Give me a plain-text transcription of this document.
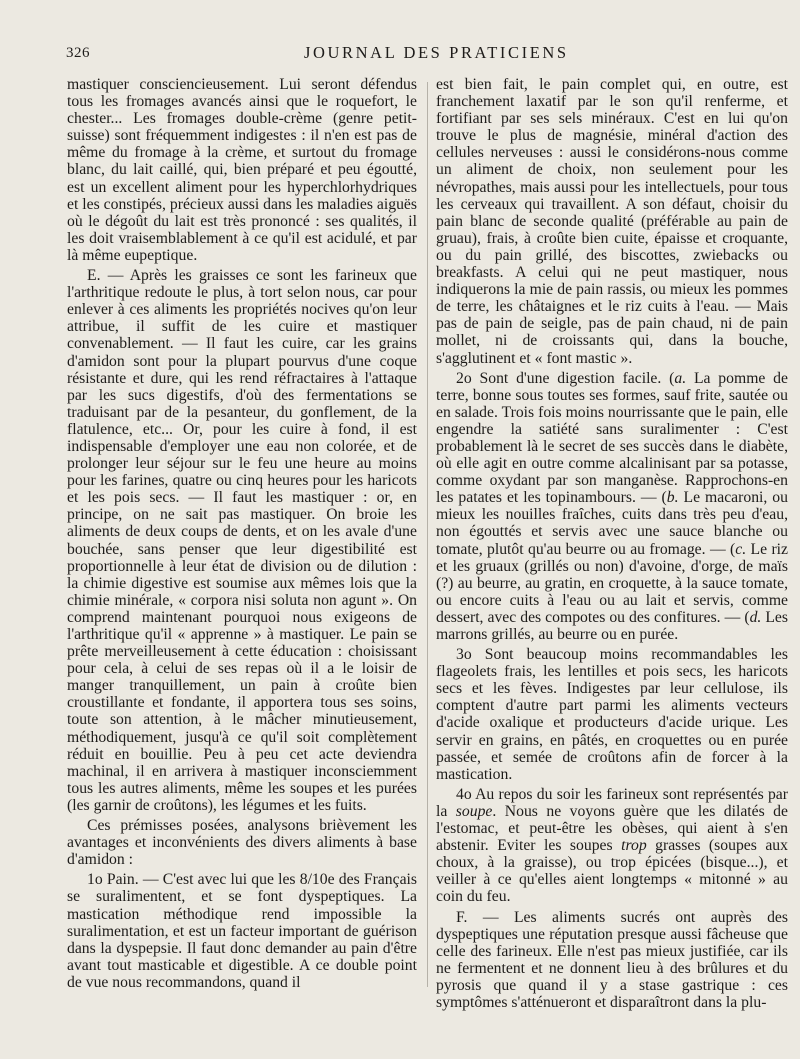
326	JOURNAL DES PRATICIENS

mastiquer consciencieusement. Lui seront défendus tous les fromages avancés ainsi que le roquefort, le chester... Les fromages double-crème (genre petit-suisse) sont fréquemment indigestes : il n'en est pas de même du fromage à la crème, et surtout du fromage blanc, du lait caillé, qui, bien préparé et peu égoutté, est un excellent aliment pour les hyperchlorhydriques et les constipés, précieux aussi dans les maladies aiguës où le dégoût du lait est très prononcé : ses qualités, il les doit vraisemblablement à ce qu'il est acidulé, et par là même eupeptique.

E. — Après les graisses ce sont les farineux que l'arthritique redoute le plus, à tort selon nous, car pour enlever à ces aliments les propriétés nocives qu'on leur attribue, il suffit de les cuire et mastiquer convenablement. — Il faut les cuire, car les grains d'amidon sont pour la plupart pourvus d'une coque résistante et dure, qui les rend réfractaires à l'attaque par les sucs digestifs, d'où des fermentations se traduisant par de la pesanteur, du gonflement, de la flatulence, etc... Or, pour les cuire à fond, il est indispensable d'employer une eau non colorée, et de prolonger leur séjour sur le feu une heure au moins pour les farines, quatre ou cinq heures pour les haricots et les pois secs. — Il faut les mastiquer : or, en principe, on ne sait pas mastiquer. On broie les aliments de deux coups de dents, et on les avale d'une bouchée, sans penser que leur digestibilité est proportionnelle à leur état de division ou de dilution : la chimie digestive est soumise aux mêmes lois que la chimie minérale, « corpora nisi soluta non agunt ». On comprend maintenant pourquoi nous exigeons de l'arthritique qu'il « apprenne » à mastiquer. Le pain se prête merveilleusement à cette éducation : choisissant pour cela, à celui de ses repas où il a le loisir de manger tranquillement, un pain à croûte bien croustillante et fondante, il apportera tous ses soins, toute son attention, à le mâcher minutieusement, méthodiquement, jusqu'à ce qu'il soit complètement réduit en bouillie. Peu à peu cet acte deviendra machinal, il en arrivera à mastiquer inconsciemment tous les autres aliments, même les soupes et les purées (les garnir de croûtons), les légumes et les fuits.

Ces prémisses posées, analysons brièvement les avantages et inconvénients des divers aliments à base d'amidon :

1o Pain. — C'est avec lui que les 8/10e des Français se suralimentent, et se font dyspeptiques. La mastication méthodique rend impossible la suralimentation, et est un facteur important de guérison dans la dyspepsie. Il faut donc demander au pain d'être avant tout masticable et digestible. A ce double point de vue nous recommandons, quand il

est bien fait, le pain complet qui, en outre, est franchement laxatif par le son qu'il renferme, et fortifiant par ses sels minéraux. C'est en lui qu'on trouve le plus de magnésie, minéral d'action des cellules nerveuses : aussi le considérons-nous comme un aliment de choix, non seulement pour les névropathes, mais aussi pour les intellectuels, pour tous les cerveaux qui travaillent. A son défaut, choisir du pain blanc de seconde qualité (préférable au pain de gruau), frais, à croûte bien cuite, épaisse et croquante, ou du pain grillé, des biscottes, zwiebacks ou breakfasts. A celui qui ne peut mastiquer, nous indiquerons la mie de pain rassis, ou mieux les pommes de terre, les châtaignes et le riz cuits à l'eau. — Mais pas de pain de seigle, pas de pain chaud, ni de pain mollet, ni de croissants qui, dans la bouche, s'agglutinent et « font mastic ».

2o Sont d'une digestion facile. (a. La pomme de terre, bonne sous toutes ses formes, sauf frite, sautée ou en salade. Trois fois moins nourrissante que le pain, elle engendre la satiété sans suralimenter : C'est probablement là le secret de ses succès dans le diabète, où elle agit en outre comme alcalinisant par sa potasse, comme oxydant par son manganèse. Rapprochons-en les patates et les topinambours. — (b. Le macaroni, ou mieux les nouilles fraîches, cuits dans très peu d'eau, non égouttés et servis avec une sauce blanche ou tomate, plutôt qu'au beurre ou au fromage. — (c. Le riz et les gruaux (grillés ou non) d'avoine, d'orge, de maïs (?) au beurre, au gratin, en croquette, à la sauce tomate, ou encore cuits à l'eau ou au lait et servis, comme dessert, avec des compotes ou des confitures. — (d. Les marrons grillés, au beurre ou en purée.

3o Sont beaucoup moins recommandables les flageolets frais, les lentilles et pois secs, les haricots secs et les fèves. Indigestes par leur cellulose, ils comptent d'autre part parmi les aliments vecteurs d'acide oxalique et producteurs d'acide urique. Les servir en grains, en pâtés, en croquettes ou en purée passée, et semée de croûtons afin de forcer à la mastication.

4o Au repos du soir les farineux sont représentés par la soupe. Nous ne voyons guère que les dilatés de l'estomac, et peut-être les obèses, qui aient à s'en abstenir. Eviter les soupes trop grasses (soupes aux choux, à la graisse), ou trop épicées (bisque...), et veiller à ce qu'elles aient longtemps « mitonné » au coin du feu.

F. — Les aliments sucrés ont auprès des dyspeptiques une réputation presque aussi fâcheuse que celle des farineux. Elle n'est pas mieux justifiée, car ils ne fermentent et ne donnent lieu à des brûlures et du pyrosis que quand il y a stase gastrique : ces symptômes s'atténueront et disparaîtront dans la plu-
